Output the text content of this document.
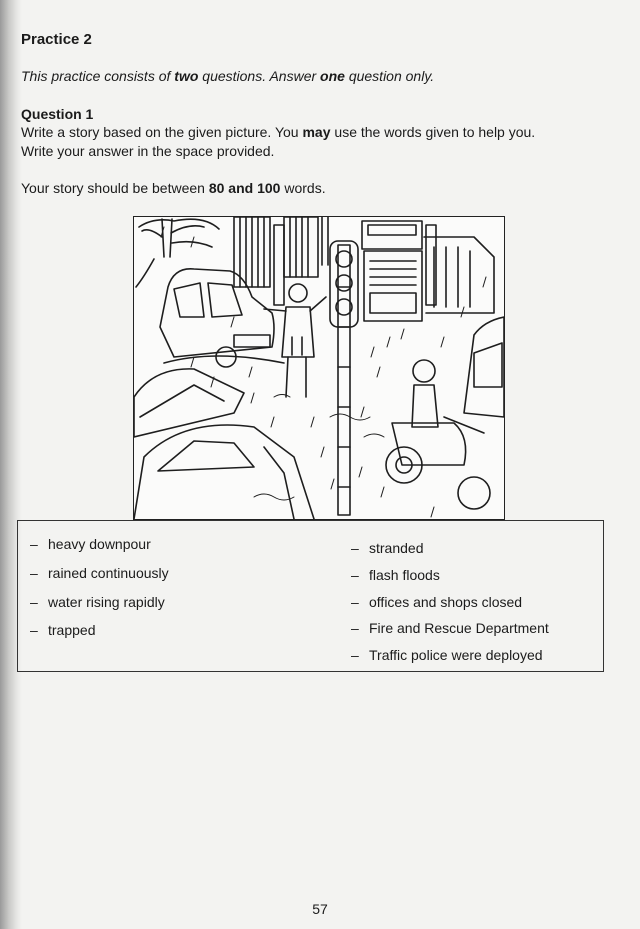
Practice 2
This practice consists of two questions. Answer one question only.
Question 1
Write a story based on the given picture. You may use the words given to help you.
Write your answer in the space provided.
Your story should be between 80 and 100 words.
– heavy downpour
– rained continuously
– water rising rapidly
– trapped
– stranded
– flash floods
– offices and shops closed
– Fire and Rescue Department
– Traffic police were deployed
57
